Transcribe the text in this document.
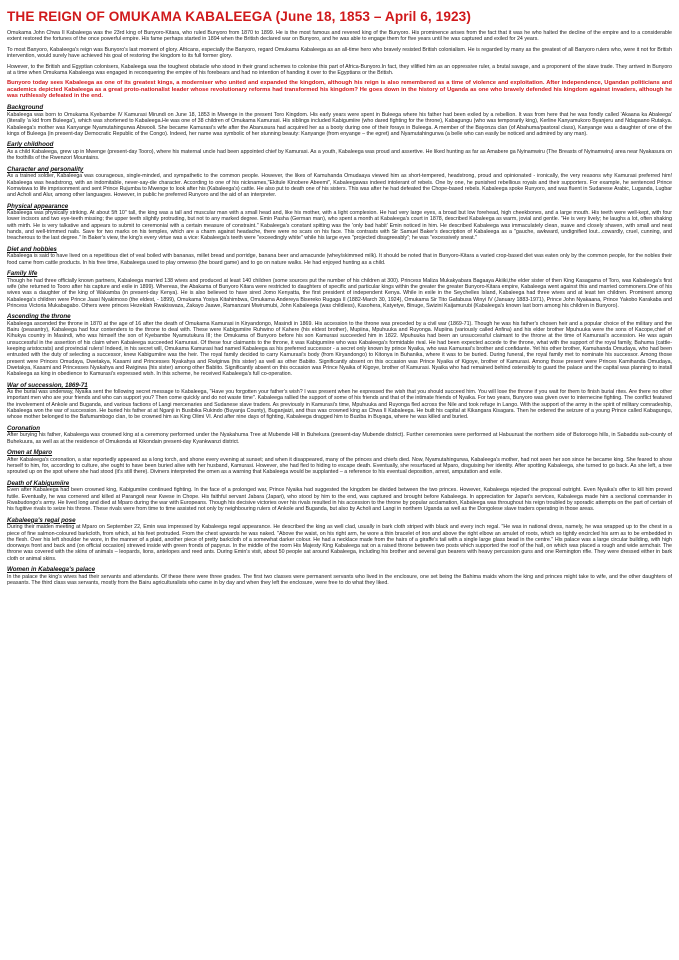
THE REIGN OF OMUKAMA KABALEEGA (June 18, 1853 – April 6, 1923)
Omukama John Chwa II Kabaleega was the 23rd king of Bunyoro-Kitara, who ruled Bunyoro from 1870 to 1899. He is the most famous and revered king of the Bunyoro. His prominence arises from the fact that it was he who halted the decline of the empire and to a considerable extent restored the fortunes of the once powerful empire. His fame perhaps started in 1894 when the British declared war on Bunyoro, and he was able to engage them for five years until he was captured and exiled for 24 years.
To most Banyoro, Kabaleega's reign was Bunyoro's last moment of glory. Africans, especially the Banyoro, regard Omukama Kabaleega as an all-time hero who bravely resisted British colonialism. He is regarded by many as the greatest of all Banyoro rulers who, were it not for British intervention, would surely have achieved his goal of restoring the kingdom to its full former glory.
However, to the British and Egyptian colonisers, Kabaleega was the toughest obstacle who stood in their grand schemes to colonise this part of Africa-Bunyoro.In fact, they vilified him as an oppressive ruler, a brutal savage, and a proponent of the slave trade. They arrived in Bunyoro at a time when Omukama Kabaleega was engaged in reconquering the empire of his forebears and had no intention of handing it over to the Egyptians or the British.
Bunyoro today sees Kabaleega as one of its greatest kings, a moderniser who united and expanded the kingdom, although his reign is also remembered as a time of violence and exploitation. After independence, Ugandan politicians and academics depicted Kabaleega as a great proto-nationalist leader whose revolutionary reforms had transformed his kingdom? He goes down in the history of Uganda as one who bravely defended his kingdom against invaders, although he was ruthlessly defeated in the end.
Background
Kabaleega was born to Omukama Kyebambe IV Kamurasi Mirundi on June 18, 1853 in Mwenge in the present Toro Kingdom. His early years were spent in Buleega where his father had been exiled by a rebellion. It was from here that he was fondly called 'Akaana ka Abaleega' (literally 'a kid from Buleega'), which was shortened to Kabaleega.He was one of 38 children of Omukama Kamurasi. His siblings included Kabigumiire (who dared fighting for the throne), Kabagungu (who was temporarily king), Kerline Kanyamukoro Byanjeru and Ndagaano Rutakya. Kabaleega's mother was Kanyange Nyamutahingurwa Abwooli. She became Kamurasi's wife after the Abanusura had acquired her as a booty during one of their forays in Buleega. A member of the Bayonza clan (of Abahuma/pastoral class), Kanyange was a daughter of one of the kings of Buleega (in present-day Democratic Republic of the Congo). Indeed, her name was symbolic of her stunning beauty: Kanyange (from enyange – the egret) and Nyamutahingurwa (a belle who can easily be noticed and admired by any man).
Early childhood
As a child Kabaleega, grew up in Mwenge (present-day Tooro), where his maternal uncle had been appointed chief by Kamurasi. As a youth, Kabaleega was proud and assertive. He liked hunting as far as Amabere ga Nyinamwiru (The Breasts of Nyinamwiru) area near Nyakasura on the foothills of the Rwenzori Mountains.
Character and personality
As a trained soldier, Kabaleega was courageous, single-minded, and sympathetic to the common people. However, the likes of Kamuhanda Omudaaya viewed him as short-tempered, headstrong, proud and opinionated - ironically, the very reasons why Kamurasi preferred him! Kabaleega was headstrong, with an indomitable, never-say-die character. According to one of his nicknames,"Ekitule Kinobere Abeemi", Kabaleegawas indeed intolerant of rebels. One by one, he punished rebellious royals and their supporters. For example, he sentenced Prince Komwiswa to life imprisonment and sent Prince Rujumba to Mwenge to look after his (Kabaleega's) cattle. He also put to death one of his sisters. This was after he had defeated the Chope-based rebels. Kabaleega spoke Runyoro, and was fluent in Sudanese Arabic, Luganda, Lugbar and Acholi and Alur, among other languages. However, in public he preferred Runyoro and the aid of an interpreter.
Physical appearance
Kabaleega was physically striking. At about 5ft 10" tall, the king was a tall and muscular man with a small head and, like his mother, with a light complexion. He had very large eyes, a broad but low forehead, high cheekbones, and a large mouth. His teeth were well-kept, with four lower incisors and two eye-teeth missing; the upper teeth slightly protruding, but not to any marked degree. Emin Pasha (German man), who spent a month at Kabaleega's court in 1878, described Kabaleega as warm, jovial and gentle. "He is very lively; he laughs a lot, often shaking with mirth. He is very talkative and appears to submit to ceremonial with a certain measure of constraint." Kabaleega's constant spitting was the 'only bad habit' Emin noticed in him. He described Kabaleega was immaculately clean, suave and closely shaven, with small and neat hands, and well-trimmed nails. Save for two marks on his temples, which are a charm against headache, there were no scars on his face. This contrasts with Sir Samuel Baker's description of Kabaleega as a "gauche, awkward, undignified lout...cowardly, cruel, cunning, and treacherous to the last degree." In Baker's view, the king's every virtue was a vice: Kabaleega's teeth were "exceedingly white" while his large eyes "projected disagreeably"; he was "excessively sneat."
Diet and hobbies
Kabaleega is said to have lived on a repetitious diet of veal boiled with bananas, millet bread and porridge, banana beer and amacunde (whey/skimmed milk). It should be noted that in Bunyoro-Kitara a varied crop-based diet was eaten only by the common people, for the nobles their food came from cattle products. In his free time, Kabaleega used to play omweso (the board game) and to go on nature walks. He had enjoyed hunting as a child.
Family life
Though he had three officially known partners, Kabaleega married 138 wives and produced at least 140 children (some sources put the number of his children at 300). Princess Maliza Mukakyabara Bagaaya Akiiki,the elder sister of then King Kasagama of Toro, was Kabaleega's first wife (she returned to Tooro after his capture and exile in 1899). Whereas, the Abakama of Bunyoro Kitara were restricted to daughters of specific and particular kings within the greater the greater Bunyoro-Kitara empire, Kabaleega went against this and married commoners.One of his wives was a daughter of the king of Wakamba (in present-day Kenya). He is also believed to have sired Jomo Kenyatta, the first president of independent Kenya. While in exile in the Seychelles Island, Kabaleega had three wives and at least ten children. Prominent among Kabaleega's children were Prince Jaasi Nyakimoso (the eldest, - 1899), Omukama Yosiya Kitahimbwa, Omukama Andereya Bisereko Rugaga II (1882-March 30, 1924), Omukama Sir Tito Gafabusa Winyi IV (January 1883-1971), Prince John Nyakaana, Prince Yakobo Karakaba and Princess Victoria Mukabagabo. Others were princes Hezekiah Rwakiswaza, Zakayo Jaawe, Ramanzani Mwirumubi, John Kabaleega (was childless), Kasohera, Katyetye, Binuge, Swizini Kaijamurubi (Kabaleega's known last born among his children in Bunyoro).
Ascending the throne
Kabaleega ascended the throne in 1870 at the age of 16 after the death of Omukama Kamurasi in Kiryandongo, Masindi in 1869. His accession to the throne was preceded by a civil war (1869-71). Though he was his father's chosen heir and a popular choice of the military and the Bairu (peasantry), Kabaleega had four contenders to the throne to deal with. These were Kabigumiire Ruhwino of Kahere (his eldest brother), Mupiina, Mpuhuuka and Ruyonga. Mupiina (variously called Anfina) and his elder brother Mpuhuuka were the sons of Kacope,chief of Kihukya country in Masindi, who was himself the son of Kyebambe Nyamutukura III; the Omukama of Bunyoro before his son Kamurasi succeeded him in 1822. Mpuhuuka had been an unsuccessful claimant to the throne at the time of Kamurasi's accession. He was again unsuccessful in the assertion of his claim when Kabaleega succeeded Kamurasi. Of these four claimants to the throne, it was Kabigumiire who was Kabaleega's formidable rival. He had been expected accede to the throne, what with the support of the royal family, Bahuma (cattle-keeping aristocrats) and provincial rulers! Indeed, in his secret will, Omukama Kamurasi had named Kabaleega as his preferred successor - a secret only known by prince Nyaika, who was Kamurasi's brother and confidante. Yet his other brother, Kamuhanda Omudaya, who had been entrusted with the duty of selecting a successor, knew Kabigumiire was the heir. The royal family decided to carry Kamurasi's body (from Kiryandongo) to Kitonya in Buhanika, where it was to be buried. During funeral, the royal family met to nominate his successor. Among those present were Princes Omudaya, Dwetakya, Kasami and Princesses Nyakahya and Rwigirwa (his sister) as well as other Babiito. Significantly absent on this occasion was Prince Nyaika of Kigoye, brother of Kamurasi. Among those present were Princes Kamihanda Omudaya, Dwetakya, Kasami and Princesses Nyakahya and Rwigirwa (his sister) among other Babiito. Significantly absent on this occasion was Prince Nyaika of Kigoye, brother of Kamurasi. Nyaika who had remained behind ostensibly to guard the palace and the capital was planning to install Kabaleega as king in obedience to Kamurasi's expressed wish. In this scheme, he received Kabaleega's full co-operation.
War of succession, 1869-71
As the burial was underway, Nyaika sent the following secret message to Kabaleega, "Have you forgotten your father's wish? I was present when he expressed the wish that you should succeed him. You will lose the throne if you wait for them to finish burial rites. Are there no other important men who are your friends and who can support you? Then come quickly and do not waste time". Kabaleega rallied the support of some of his friends and that of the intimate friends of Nyaika. For two years, Bunyoro was given over to internecine fighting. The conflict featured the involvement of Ankole and Buganda, and various factions of Langi mercenaries and Sudanese slave traders. As previously in Kamurasi's time, Mpuhuuka and Ruyonga fled across the Nile and took refuge in Lango. With the support of the army in the spirit of military comradeship, Kabaleega won the war of succession. He buried his father at at Nganji in Busibika Rukindo (Buyanja County), Buganjaizi, and thus was crowned king as Chwa II Kabaleega. He built his capital at Kikangara Kisagara. Then he ordered the seizure of a young Prince called Kabagungu, whose mother belonged to the Bafumambogo clan, to be crowned him as King Olimi VI. And after nine days of fighting, Kabaleega dragged him to Buziba in Buyaga, where he was killed and buried.
Coronation
After burying his father, Kabaleega was crowned king at a ceremony performed under the Nyakahuma Tree at Mubende Hill in Buhekura (present-day Mubende district). Further ceremonies were performed at Habuuruat the northern side of Butoroogo hills, in Sabaddu sub-county of Buhekuura, as well as at the residence of Omukonda at Kikondain present-day Kyankwanzi district.
Omen at Mparo
After Kabaleega's coronation, a star reportedly appeared as a long torch, and shone every evening at sunset; and when it disappeared, many of the princes and chiefs died. Now, Nyamutahingurwa, Kabaleega's mother, had not seen her son since he became king. She feared to show herself to him, for, according to culture, she ought to have been buried alive with her husband, Kamurasi. However, she had fled to hiding to escape death. Eventually, she resurfaced at Mparo, disguising her identity. After spotting Kabaleega, she turned to go back. As she left, a tree sprouted up on the spot where she had stood (it's still there). Diviners interpreted the omen as a warning that Kabaleega would be supplanted – a reference to his eventual deposition, arrest, amputation and exile.
Death of Kabigumiire
Even after Kabaleega had been crowned king, Kabigumiire continued fighting. In the face of a prolonged war, Prince Nyaika had suggested the kingdom be divided between the two princes. However, Kabaleega rejected the proposal outright. Even Nyaika's offer to kill him proved futile. Eventually, he was cornered and killed at Parangoli near Kwese in Chope. His faithful servant Jabara (Japari), who stood by him to the end, was captured and brought before Kabaleega. In appreciation for Japari's services, Kabaleega made him a sectional commander in Rwabudongo's army. He lived long and died at Mparo during the war with Europeans. Though his decisive victories over his rivals resulted in his accession to the throne by popular acclamation, Kabaleega was throughout his reign troubled by sporadic attempts on the part of certain of his fugitive rivals to seize his throne. These rivals were from time to time assisted not only by neighbouring rulers of Ankole and Buganda, but also by Acholi and Langi in northern Uganda as well as the Dongolese slave traders operating in those areas.
Kabaleega's regal pose
During their maiden meeting at Mparo on September 22, Emin was impressed by Kabaleega regal appearance. He described the king as well clad, usually in bark cloth striped with black and every inch regal. "He was in national dress, namely, he was wrapped up to the chest in a piece of fine salmon-coloured barkcloth, from which, at his feet protruded. From the chest upwards he was naked. "Above the waist, on his right arm, he wore a thin bracelet of iron and above the right elbow an amulet of roots, which so tightly encircled his arm as to be embedded in the flesh. Over his left shoulder he wore, in the manner of a plaid, another piece of pretty barkcloth of a somewhat darker colour. He had a necklace made from the hairs of a giraffe's tail with a single large glass bead in the centre." His palace was a large circular building, with high doorways front and back and (on official occasion) strewed inside with green fronds of papyrus. In the middle of the room His Majesty King Kabaleega sat on a raised throne between two posts which supported the roof of the hall, on which was placed a rough and wide armchair. The throne was covered with the skins of animals – leopards, lions, antelopes and reed ants. During Emin's visit, about 50 people sat around Kabaleega, including his brother and several gun bearers with heavy percussion guns and one Remington rifle. They were dressed either in bark cloth or animal skins.
Women in Kabaleega's palace
In the palace the king's wives had their servants and attendants. Of these there were three grades. The first two classes were permanent servants who lived in the enclosure, one set being the Bahima maids whom the king and princes might take to wife, and the other daughters of peasants. The third class was servants, mostly from the Bairu agriculturalists who came in by day and when they left the enclosure, were free to do what they liked.
